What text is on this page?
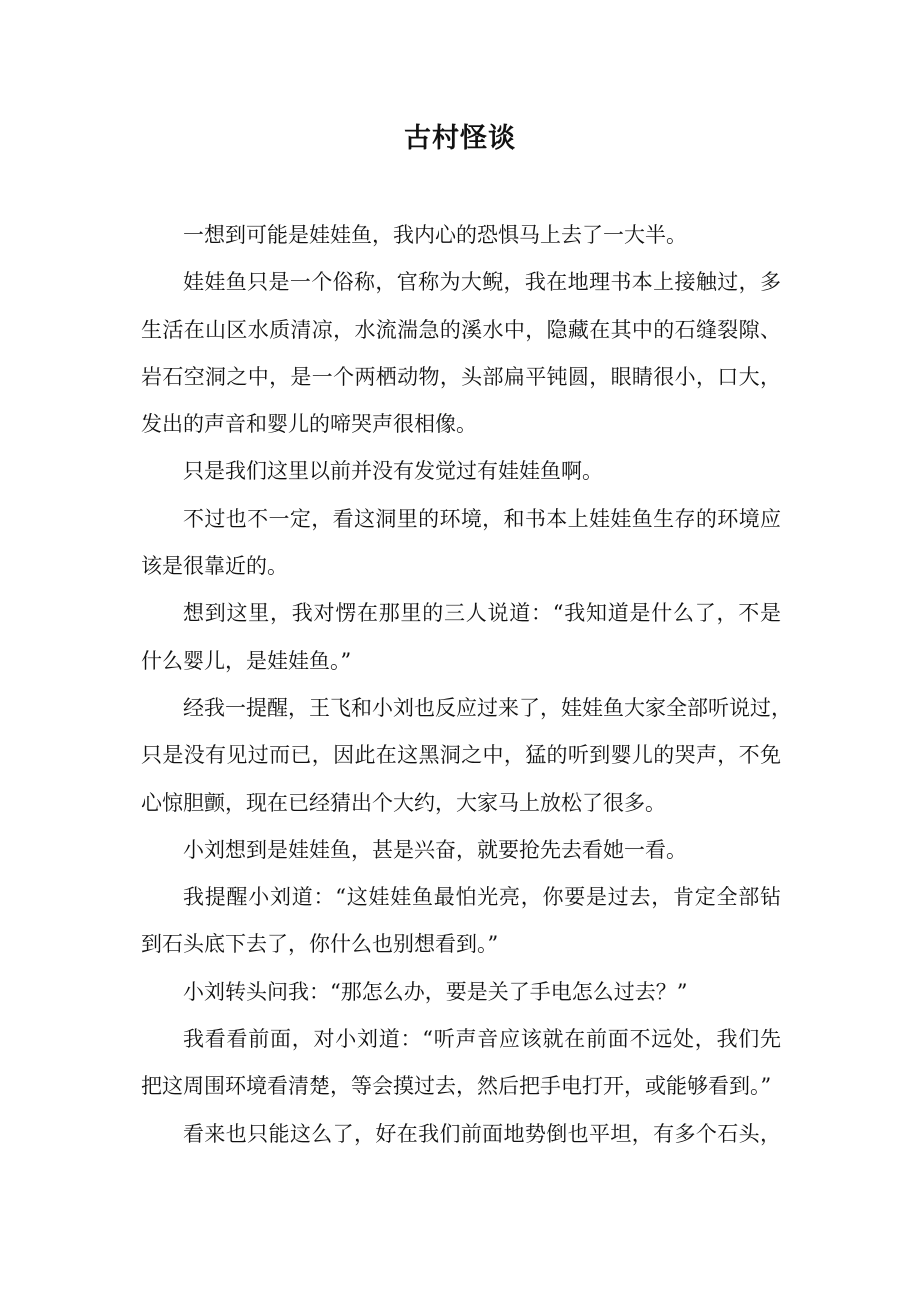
古村怪谈
一想到可能是娃娃鱼，我内心的恐惧马上去了一大半。
娃娃鱼只是一个俗称，官称为大鲵，我在地理书本上接触过，多
生活在山区水质清凉，水流湍急的溪水中，隐藏在其中的石缝裂隙、
岩石空洞之中，是一个两栖动物，头部扁平钝圆，眼睛很小，口大，
发出的声音和婴儿的啼哭声很相像。
只是我们这里以前并没有发觉过有娃娃鱼啊。
不过也不一定，看这洞里的环境，和书本上娃娃鱼生存的环境应
该是很靠近的。
想到这里，我对愣在那里的三人说道：“我知道是什么了，不是
什么婴儿，是娃娃鱼。”
经我一提醒，王飞和小刘也反应过来了，娃娃鱼大家全部听说过，
只是没有见过而已，因此在这黑洞之中，猛的听到婴儿的哭声，不免
心惊胆颤，现在已经猜出个大约，大家马上放松了很多。
小刘想到是娃娃鱼，甚是兴奋，就要抢先去看她一看。
我提醒小刘道：“这娃娃鱼最怕光亮，你要是过去，肯定全部钻
到石头底下去了，你什么也别想看到。”
小刘转头问我：“那怎么办，要是关了手电怎么过去？”
我看看前面，对小刘道：“听声音应该就在前面不远处，我们先
把这周围环境看清楚，等会摸过去，然后把手电打开，或能够看到。”
看来也只能这么了，好在我们前面地势倒也平坦，有多个石头，
